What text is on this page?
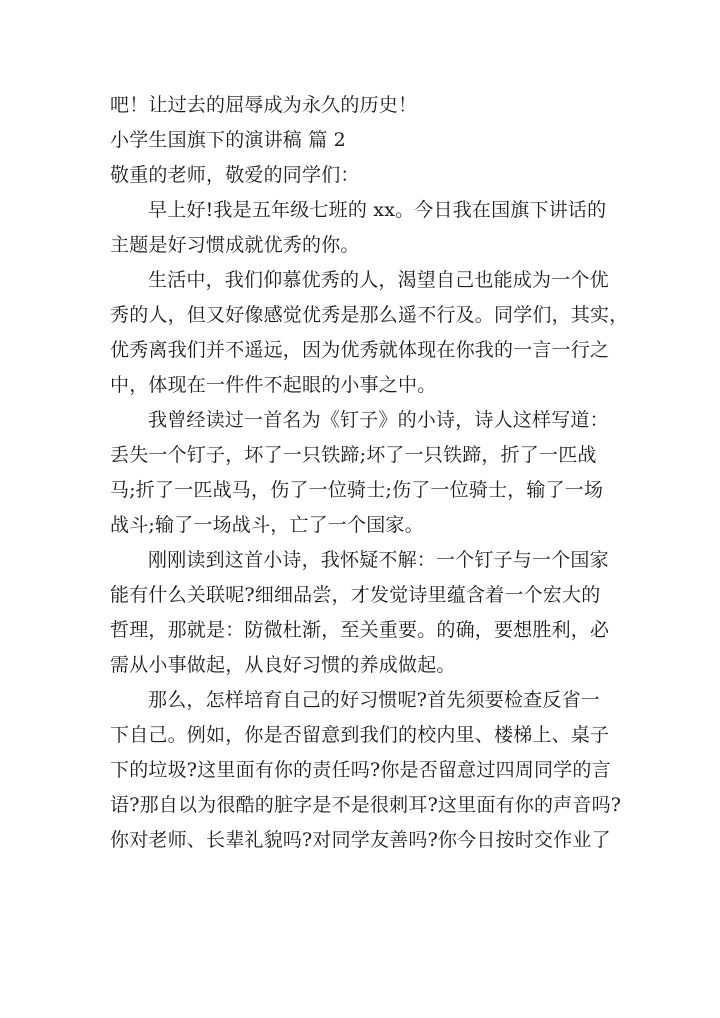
吧！让过去的屈辱成为永久的历史！
小学生国旗下的演讲稿 篇 2
敬重的老师，敬爱的同学们：
早上好!我是五年级七班的 xx。今日我在国旗下讲话的
主题是好习惯成就优秀的你。
生活中，我们仰慕优秀的人，渴望自己也能成为一个优
秀的人，但又好像感觉优秀是那么遥不行及。同学们，其实，
优秀离我们并不遥远，因为优秀就体现在你我的一言一行之
中，体现在一件件不起眼的小事之中。
我曾经读过一首名为《钉子》的小诗，诗人这样写道：
丢失一个钉子，坏了一只铁蹄;坏了一只铁蹄，折了一匹战
马;折了一匹战马，伤了一位骑士;伤了一位骑士，输了一场
战斗;输了一场战斗，亡了一个国家。
刚刚读到这首小诗，我怀疑不解：一个钉子与一个国家
能有什么关联呢?细细品尝，才发觉诗里蕴含着一个宏大的
哲理，那就是：防微杜渐，至关重要。的确，要想胜利，必
需从小事做起，从良好习惯的养成做起。
那么，怎样培育自己的好习惯呢?首先须要检查反省一
下自己。例如，你是否留意到我们的校内里、楼梯上、桌子
下的垃圾?这里面有你的责任吗?你是否留意过四周同学的言
语?那自以为很酷的脏字是不是很刺耳?这里面有你的声音吗?
你对老师、长辈礼貌吗?对同学友善吗?你今日按时交作业了
